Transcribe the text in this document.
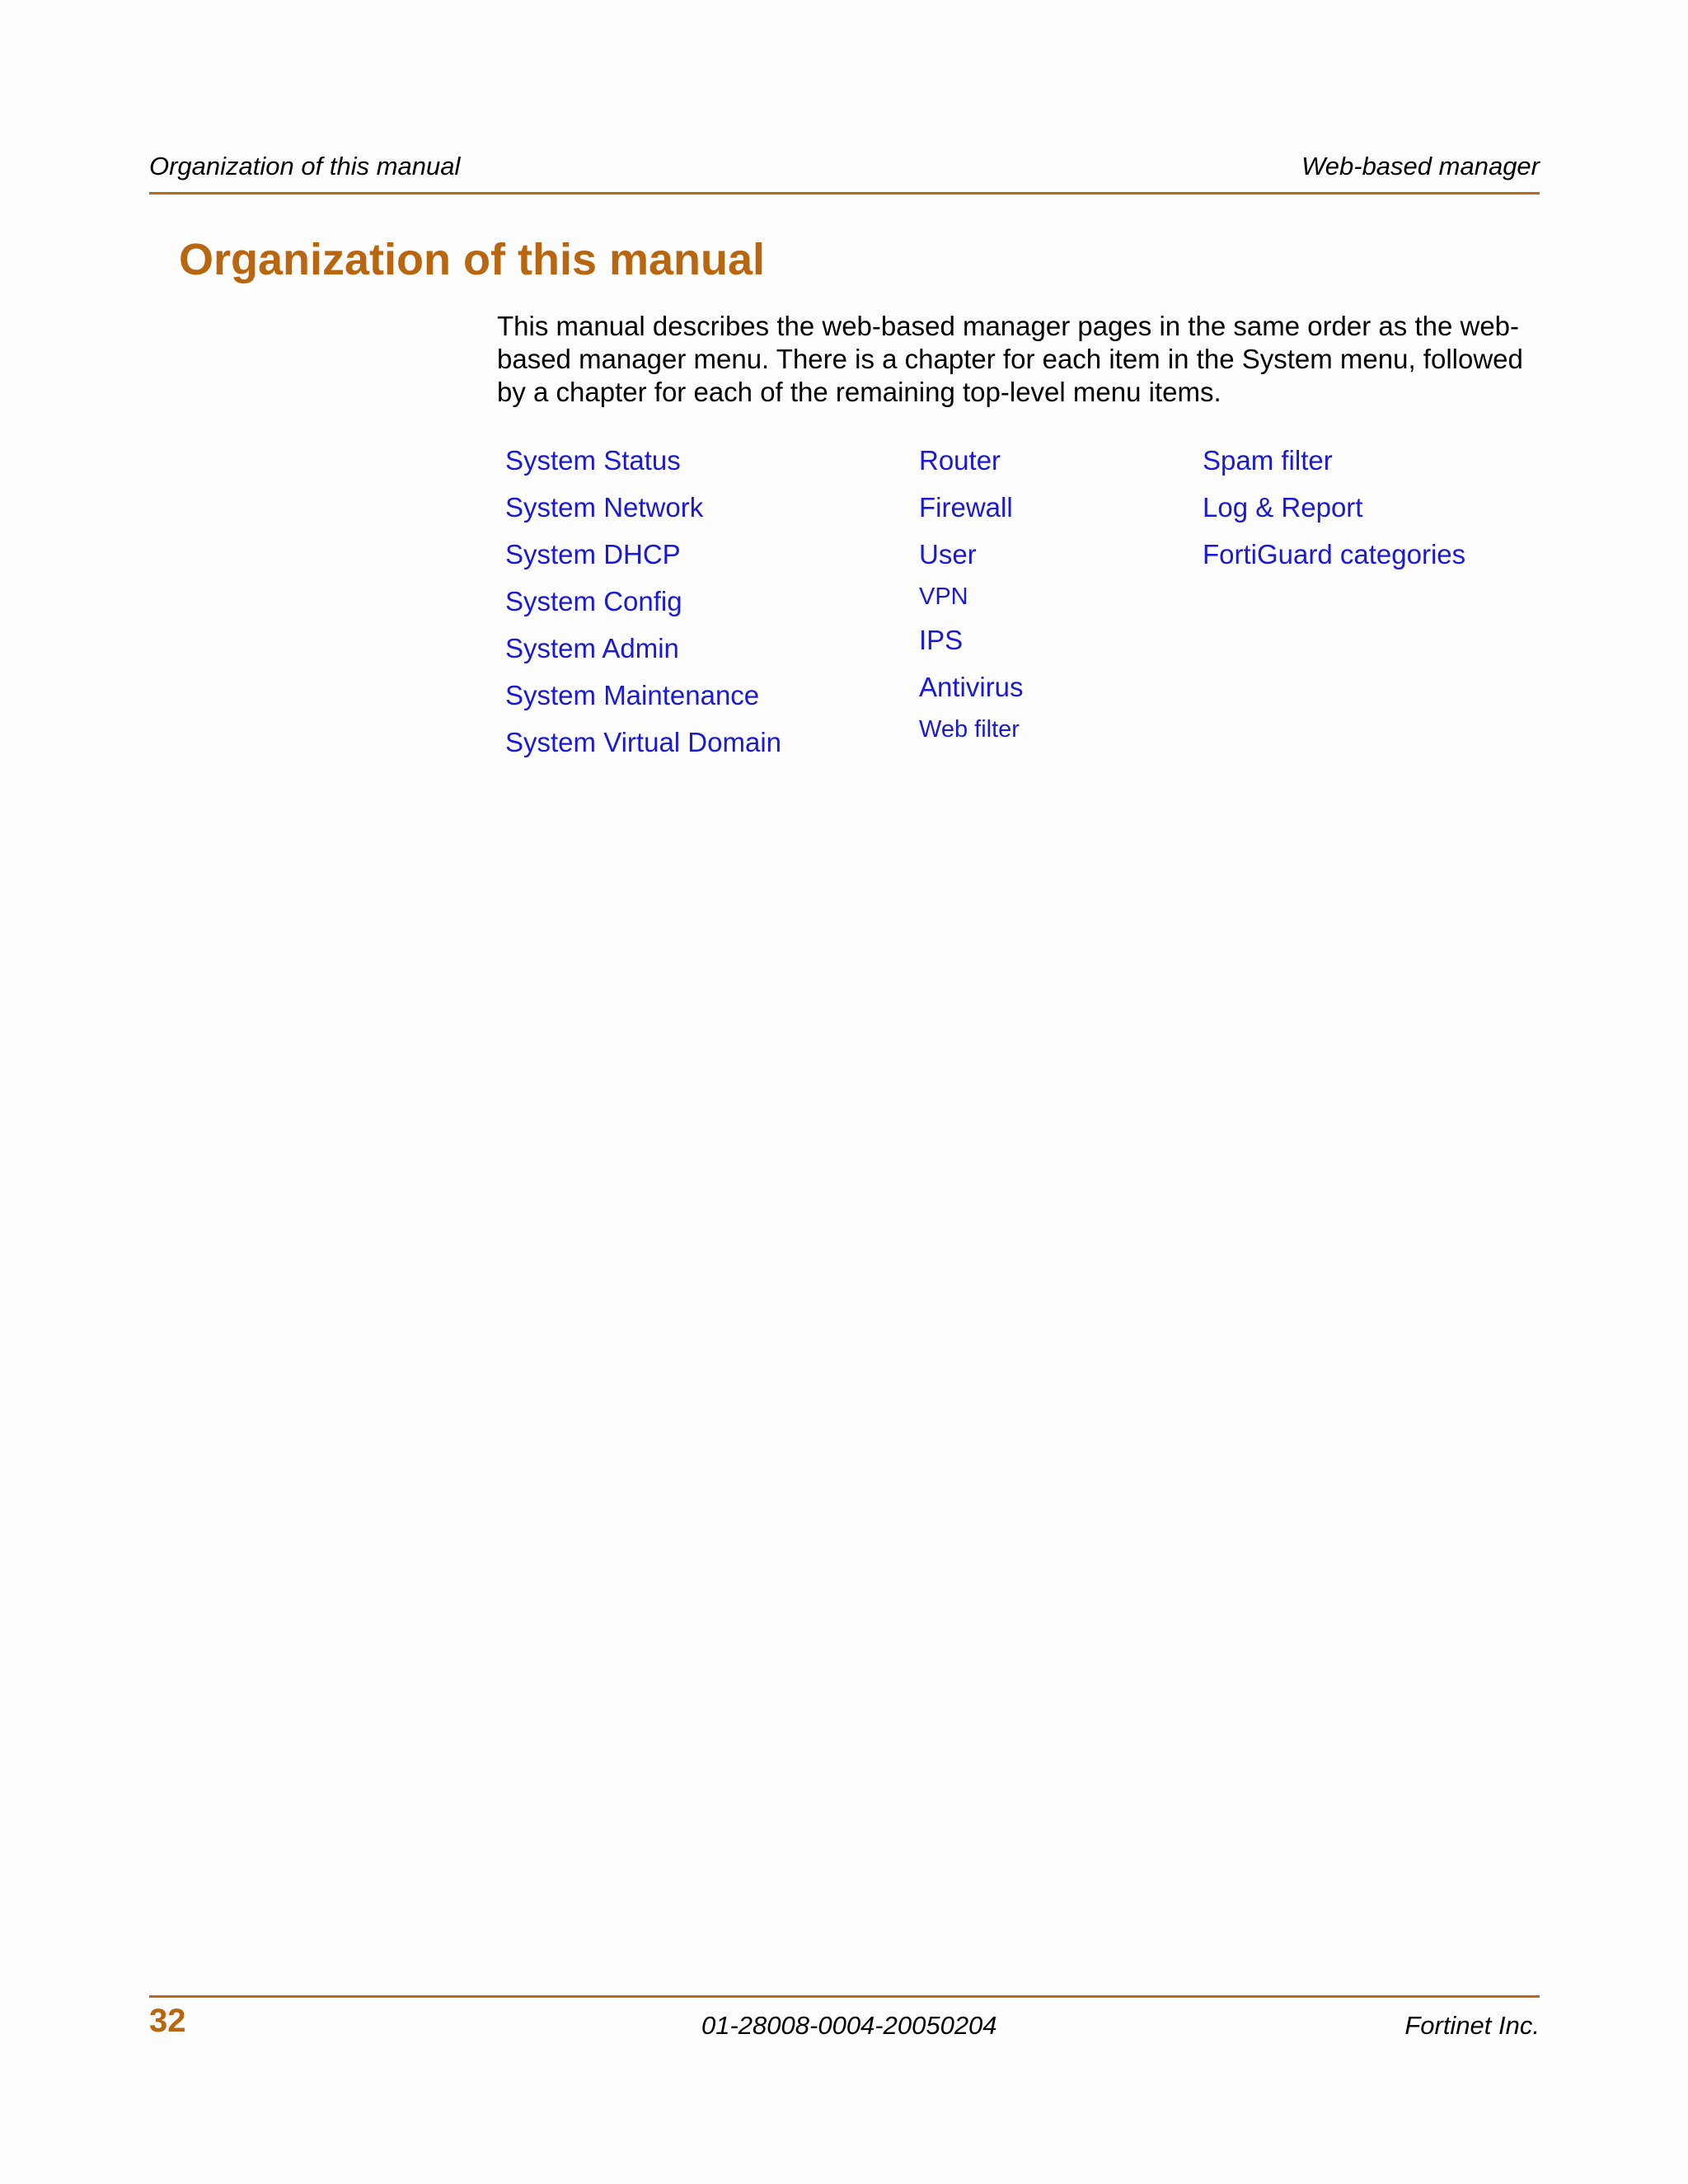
Organization of this manual	Web-based manager
Organization of this manual

This manual describes the web-based manager pages in the same order as the web-based manager menu. There is a chapter for each item in the System menu, followed by a chapter for each of the remaining top-level menu items.

System Status
System Network
System DHCP
System Config
System Admin
System Maintenance
System Virtual Domain
Router
Firewall
User
VPN
IPS
Antivirus
Web filter
Spam filter
Log & Report
FortiGuard categories
32	01-28008-0004-20050204	Fortinet Inc.
